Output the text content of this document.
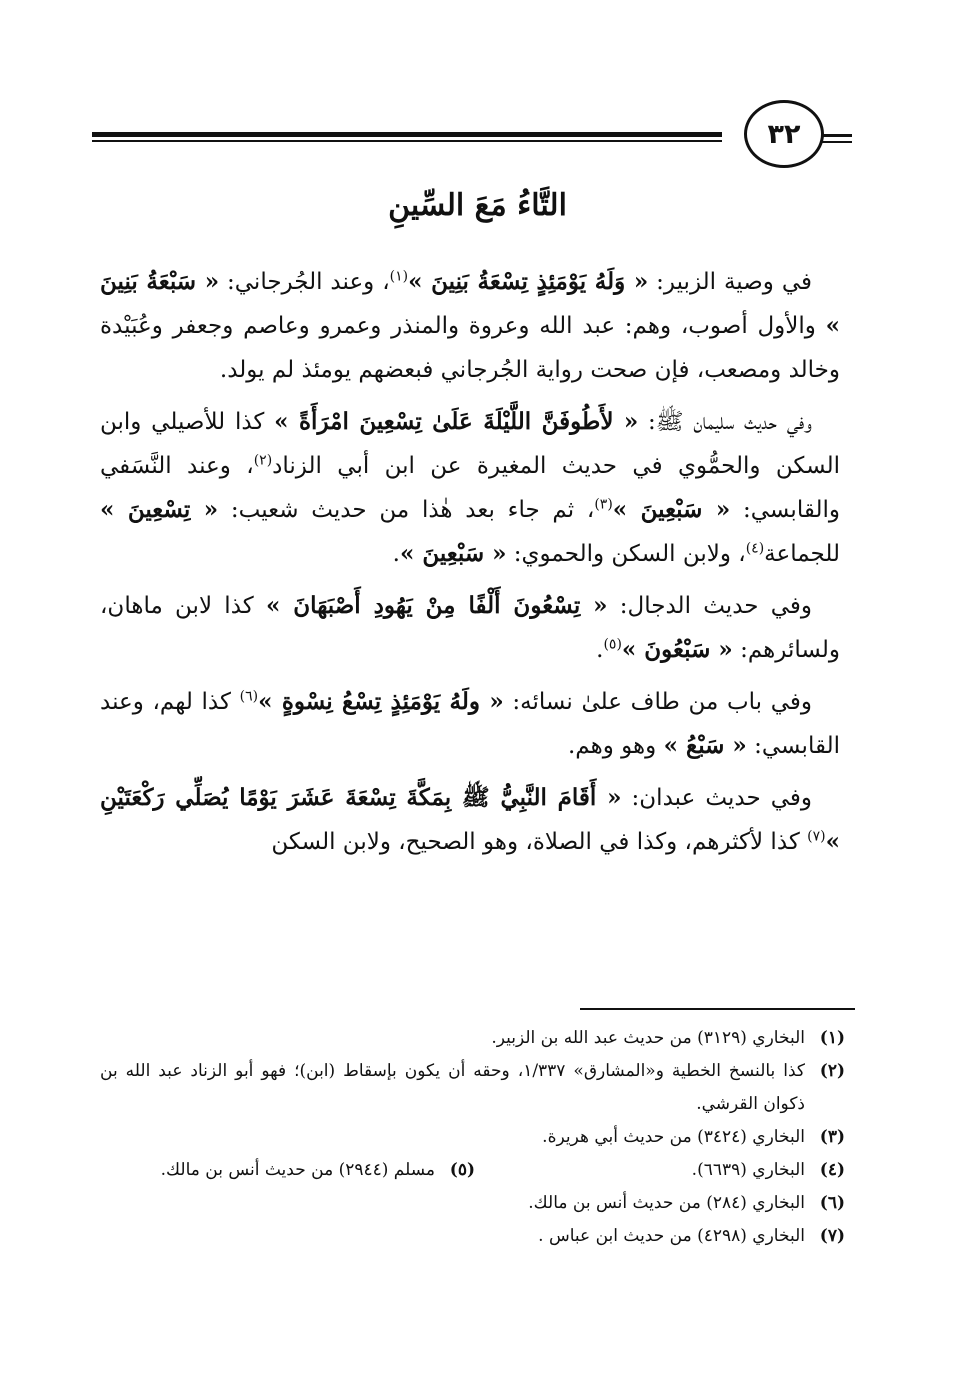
٣٢
التَّاءُ مَعَ السِّينِ

في وصية الزبير: « وَلَهُ يَوْمَئِذٍ تِسْعَةُ بَنِينَ »$^{(١)}$، وعند الجُرجاني: « سَبْعَةُ بَنِينَ » والأول أصوب، وهم: عبد الله وعروة والمنذر وعمرو وعاصم وجعفر وعُبَيْدة وخالد ومصعب، فإن صحت رواية الجُرجاني فبعضهم يومئذ لم يولد.

وفي حديث سليمان ﷺ: « لأَطُوفَنَّ اللَّيْلَةَ عَلَىٰ تِسْعِينَ امْرَأَةً » كذا للأصيلي وابن السكن والحمُّوي في حديث المغيرة عن ابن أبي الزناد$^{(٢)}$، وعند النَّسَفي والقابسي: « سَبْعِينَ »$^{(٣)}$، ثم جاء بعد هٰذا من حديث شعيب: « تِسْعِينَ » للجماعة$^{(٤)}$، ولابن السكن والحموي: « سَبْعِينَ ».

وفي حديث الدجال: « تِسْعُونَ أَلْفًا مِنْ يَهُودِ أَصْبَهَانَ » كذا لابن ماهان، ولسائرهم: « سَبْعُونَ »$^{(٥)}$.

وفي باب من طاف علىٰ نسائه: « ولَهُ يَوْمَئِذٍ تِسْعُ نِسْوةٍ »$^{(٦)}$ كذا لهم، وعند القابسي: « سَبْعُ » وهو وهم.

وفي حديث عبدان: « أَقَامَ النَّبِيُّ ﷺ بِمَكَّةَ تِسْعَةَ عَشَرَ يَوْمًا يُصَلِّي رَكْعَتَيْنِ »$^{(٧)}$ كذا لأكثرهم، وكذا في الصلاة، وهو الصحيح، ولابن السكن

(١)
البخاري (٣١٢٩) من حديث عبد الله بن الزبير.
(٢)
كذا بالنسخ الخطية و«المشارق» ١/٣٣٧، وحقه أن يكون بإسقاط (ابن)؛ فهو أبو الزناد عبد الله بن ذكوان القرشي.
(٣)
البخاري (٣٤٢٤) من حديث أبي هريرة.
(٤)
البخاري (٦٦٣٩).
(٥)
مسلم (٢٩٤٤) من حديث أنس بن مالك.
(٦)
البخاري (٢٨٤) من حديث أنس بن مالك.
(٧)
البخاري (٤٢٩٨) من حديث ابن عباس .
